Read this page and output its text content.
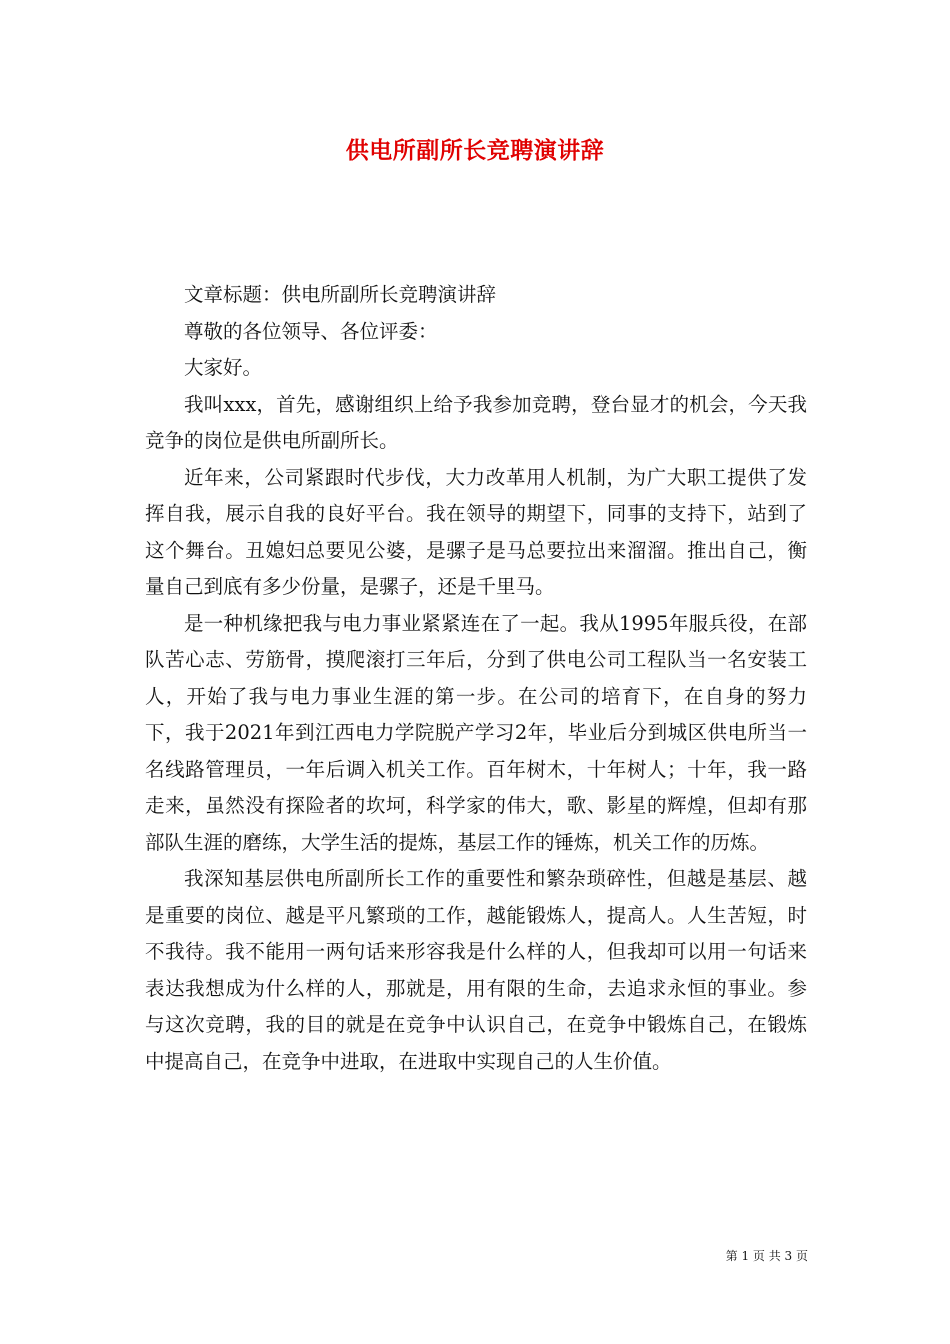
供电所副所长竞聘演讲辞

文章标题：供电所副所长竞聘演讲辞

尊敬的各位领导、各位评委：

大家好。

我叫xxx，首先，感谢组织上给予我参加竞聘，登台显才的机会，今天我竞争的岗位是供电所副所长。

近年来，公司紧跟时代步伐，大力改革用人机制，为广大职工提供了发挥自我，展示自我的良好平台。我在领导的期望下，同事的支持下，站到了这个舞台。丑媳妇总要见公婆，是骡子是马总要拉出来溜溜。推出自己，衡量自己到底有多少份量，是骡子，还是千里马。

是一种机缘把我与电力事业紧紧连在了一起。我从1995年服兵役，在部队苦心志、劳筋骨，摸爬滚打三年后，分到了供电公司工程队当一名安装工人，开始了我与电力事业生涯的第一步。在公司的培育下，在自身的努力下，我于2021年到江西电力学院脱产学习2年，毕业后分到城区供电所当一名线路管理员，一年后调入机关工作。百年树木，十年树人；十年，我一路走来，虽然没有探险者的坎坷，科学家的伟大，歌、影星的辉煌，但却有那部队生涯的磨练，大学生活的提炼，基层工作的锤炼，机关工作的历炼。

我深知基层供电所副所长工作的重要性和繁杂琐碎性，但越是基层、越是重要的岗位、越是平凡繁琐的工作，越能锻炼人，提高人。人生苦短，时不我待。我不能用一两句话来形容我是什么样的人，但我却可以用一句话来表达我想成为什么样的人，那就是，用有限的生命，去追求永恒的事业。参与这次竞聘，我的目的就是在竞争中认识自己，在竞争中锻炼自己，在锻炼中提高自己，在竞争中进取，在进取中实现自己的人生价值。

第 1 页 共 3 页
